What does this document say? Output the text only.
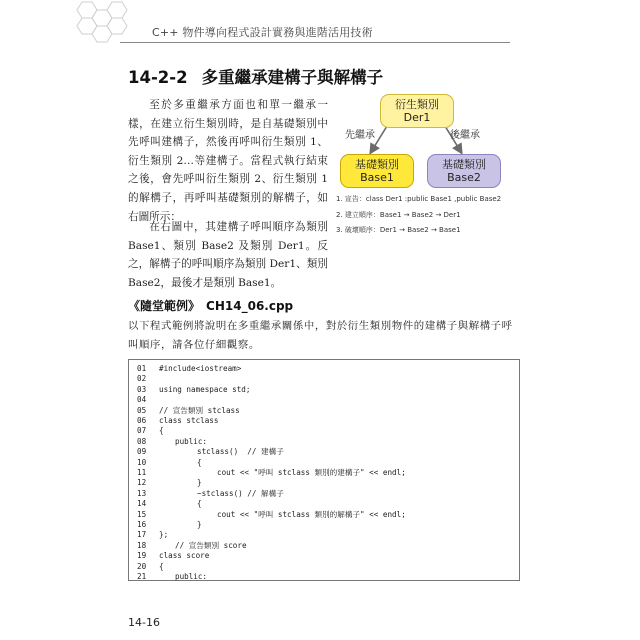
C++ 物件導向程式設計實務與進階活用技術
14-2-2 多重繼承建構子與解構子

至於多重繼承方面也和單一繼承一樣，在建立衍生類別時，是自基礎類別中先呼叫建構子，然後再呼叫衍生類別 1、衍生類別 2…等建構子。當程式執行結束之後，會先呼叫衍生類別 2、衍生類別 1 的解構子，再呼叫基礎類別的解構子，如右圖所示：

在右圖中，其建構子呼叫順序為類別 Base1、類別 Base2 及類別 Der1。反之，解構子的呼叫順序為類別 Der1、類別 Base2，最後才是類別 Base1。

衍生類別
Der1
先繼承	後繼承
基礎類別
Base1
基礎類別
Base2
1. 宣告：class Der1 :public Base1 ,public Base2
2. 建立順序：Base1 → Base2 → Der1
3. 破壞順序：Der1 → Base2 → Base1
《隨堂範例》 CH14_06.cpp
以下程式範例將說明在多重繼承關係中，對於衍生類別物件的建構子與解構子呼叫順序，請各位仔細觀察。
01 #include<iostream>
02
03 using namespace std;
04
05 // 宣告類別 stclass
06 class stclass
07 {
08	public:
09	stclass()  // 建構子
10	{
11	cout << "呼叫 stclass 類別的建構子" << endl;
12	}
13	~stclass() // 解構子
14	{
15	cout << "呼叫 stclass 類別的解構子" << endl;
16	}
17 };
18	// 宣告類別 score
19 class score
20 {
21	public:
14-16
